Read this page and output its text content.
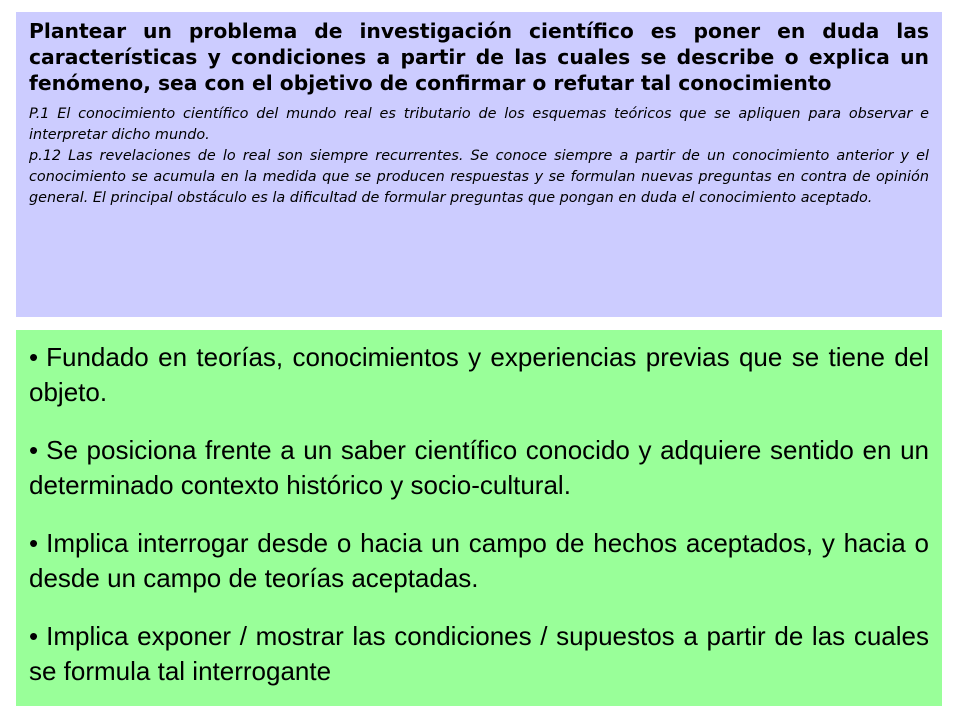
Plantear un problema de investigación científico es poner en duda las características y condiciones a partir de las cuales se describe o explica un fenómeno, sea con el objetivo de confirmar o refutar tal conocimiento

P.1 El conocimiento científico del mundo real es tributario de los esquemas teóricos que se apliquen para observar e interpretar dicho mundo.

p.12 Las revelaciones de lo real son siempre recurrentes. Se conoce siempre a partir de un conocimiento anterior y el conocimiento se acumula en la medida que se producen respuestas y se formulan nuevas preguntas en contra de opinión general. El principal obstáculo es la dificultad de formular preguntas que pongan en duda el conocimiento aceptado.

• Fundado en teorías, conocimientos y experiencias previas que se tiene del objeto.
• Se posiciona frente a un saber científico conocido y adquiere sentido en un determinado contexto histórico y socio-cultural.
• Implica interrogar desde o hacia un campo de hechos aceptados, y hacia o desde un campo de teorías aceptadas.
• Implica exponer / mostrar las condiciones / supuestos a partir de las cuales se formula tal interrogante
